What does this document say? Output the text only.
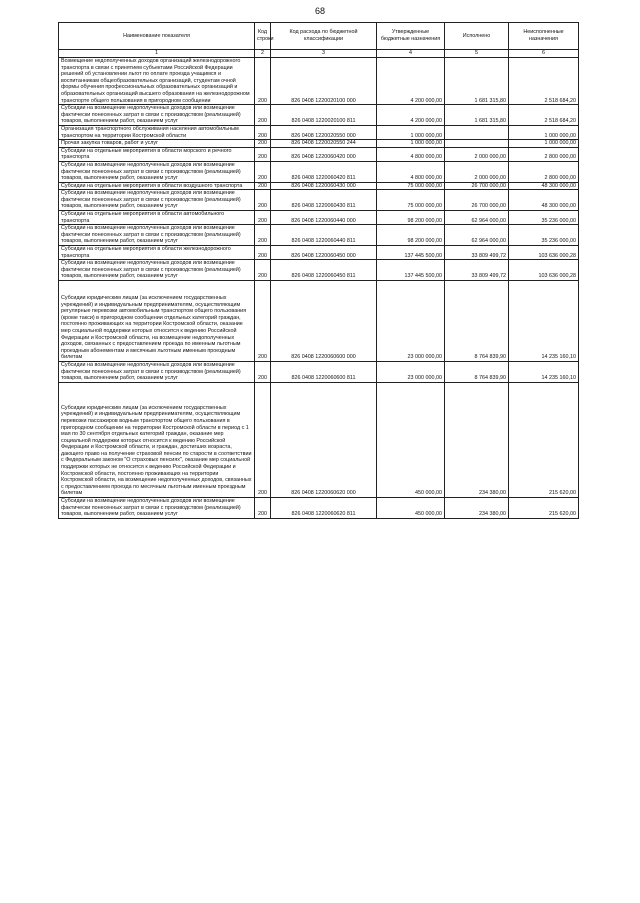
68
Наименование показателя	Код строки	Код расхода по бюджетной классификации	Утвержденные бюджетные назначения	Исполнено	Неисполненные назначения
1	2	3	4	5	6
Возмещение недополученных доходов организаций железнодорожного транспорта в связи с принятием субъектами Российской Федерации решений об установлении льгот по оплате проезда учащимся и воспитанникам общеобразовательных организаций, студентам очной формы обучения профессиональных образовательных организаций и образовательных организаций высшего образования на железнодорожном транспорте общего пользования в пригородном сообщении	200	826 0408 1220020100 000	4 200 000,00	1 681 315,80	2 518 684,20
Субсидии на возмещение недополученных доходов или возмещение фактически понесенных затрат в связи с производством (реализацией) товаров, выполнением работ, оказанием услуг	200	826 0408 1220020100 811	4 200 000,00	1 681 315,80	2 518 684,20
Организация транспортного обслуживания населения автомобильным транспортом на территории Костромской области	200	826 0408 1220020550 000	1 000 000,00		1 000 000,00
Прочая закупка товаров, работ и услуг	200	826 0408 1220020550 244	1 000 000,00		1 000 000,00
Субсидии на отдельные мероприятия в области морского и речного транспорта	200	826 0408 1220060420 000	4 800 000,00	2 000 000,00	2 800 000,00
Субсидии на возмещение недополученных доходов или возмещение фактически понесенных затрат в связи с производством (реализацией) товаров, выполнением работ, оказанием услуг	200	826 0408 1220060420 811	4 800 000,00	2 000 000,00	2 800 000,00
Субсидии на отдельные мероприятия в области воздушного транспорта	200	826 0408 1220060430 000	75 000 000,00	26 700 000,00	48 300 000,00
Субсидии на возмещение недополученных доходов или возмещение фактически понесенных затрат в связи с производством (реализацией) товаров, выполнением работ, оказанием услуг	200	826 0408 1220060430 811	75 000 000,00	26 700 000,00	48 300 000,00
Субсидии на отдельные мероприятия в области автомобильного транспорта	200	826 0408 1220060440 000	98 200 000,00	62 964 000,00	35 236 000,00
Субсидии на возмещение недополученных доходов или возмещение фактически понесенных затрат в связи с производством (реализацией) товаров, выполнением работ, оказанием услуг	200	826 0408 1220060440 811	98 200 000,00	62 964 000,00	35 236 000,00
Субсидии на отдельные мероприятия в области железнодорожного транспорта	200	826 0408 1220060450 000	137 445 500,00	33 809 499,72	103 636 000,28
Субсидии на возмещение недополученных доходов или возмещение фактически понесенных затрат в связи с производством (реализацией) товаров, выполнением работ, оказанием услуг	200	826 0408 1220060450 811	137 445 500,00	33 809 499,72	103 636 000,28
Субсидии юридическим лицам (за исключением государственных учреждений) и индивидуальным предпринимателям, осуществляющим регулярные перевозки автомобильным транспортом общего пользования (кроме такси) в пригородном сообщении отдельных категорий граждан, постоянно проживающих на территории Костромской области, оказание мер социальной поддержки которых относится к ведению Российской Федерации и Костромской области, на возмещение недополученных доходов, связанных с предоставлением проезда по именным льготным проездным абонементам и месячным льготным именным проездным билетам	200	826 0408 1220060600 000	23 000 000,00	8 764 839,90	14 235 160,10
Субсидии на возмещение недополученных доходов или возмещение фактически понесенных затрат в связи с производством (реализацией) товаров, выполнением работ, оказанием услуг	200	826 0408 1220060600 811	23 000 000,00	8 764 839,90	14 235 160,10
Субсидии юридическим лицам (за исключением государственных учреждений) и индивидуальным предпринимателям, осуществляющим перевозки пассажиров водным транспортом общего пользования в пригородном сообщении на территории Костромской области в период с 1 мая по 30 сентября отдельных категорий граждан, оказание мер социальной поддержки которых относится к ведению Российской Федерации и Костромской области, и граждан, достигших возраста, дающего право на получение страховой пенсии по старости в соответствии с Федеральным законом "О страховых пенсиях", оказание мер социальной поддержки которых не относится к ведению Российской Федерации и Костромской области, постоянно проживающих на территории Костромской области, на возмещение недополученных доходов, связанных с предоставлением проезда по месячным льготным именным проездным билетам	200	826 0408 1220060620 000	450 000,00	234 380,00	215 620,00
Субсидии на возмещение недополученных доходов или возмещение фактически понесенных затрат в связи с производством (реализацией) товаров, выполнением работ, оказанием услуг	200	826 0408 1220060620 811	450 000,00	234 380,00	215 620,00
